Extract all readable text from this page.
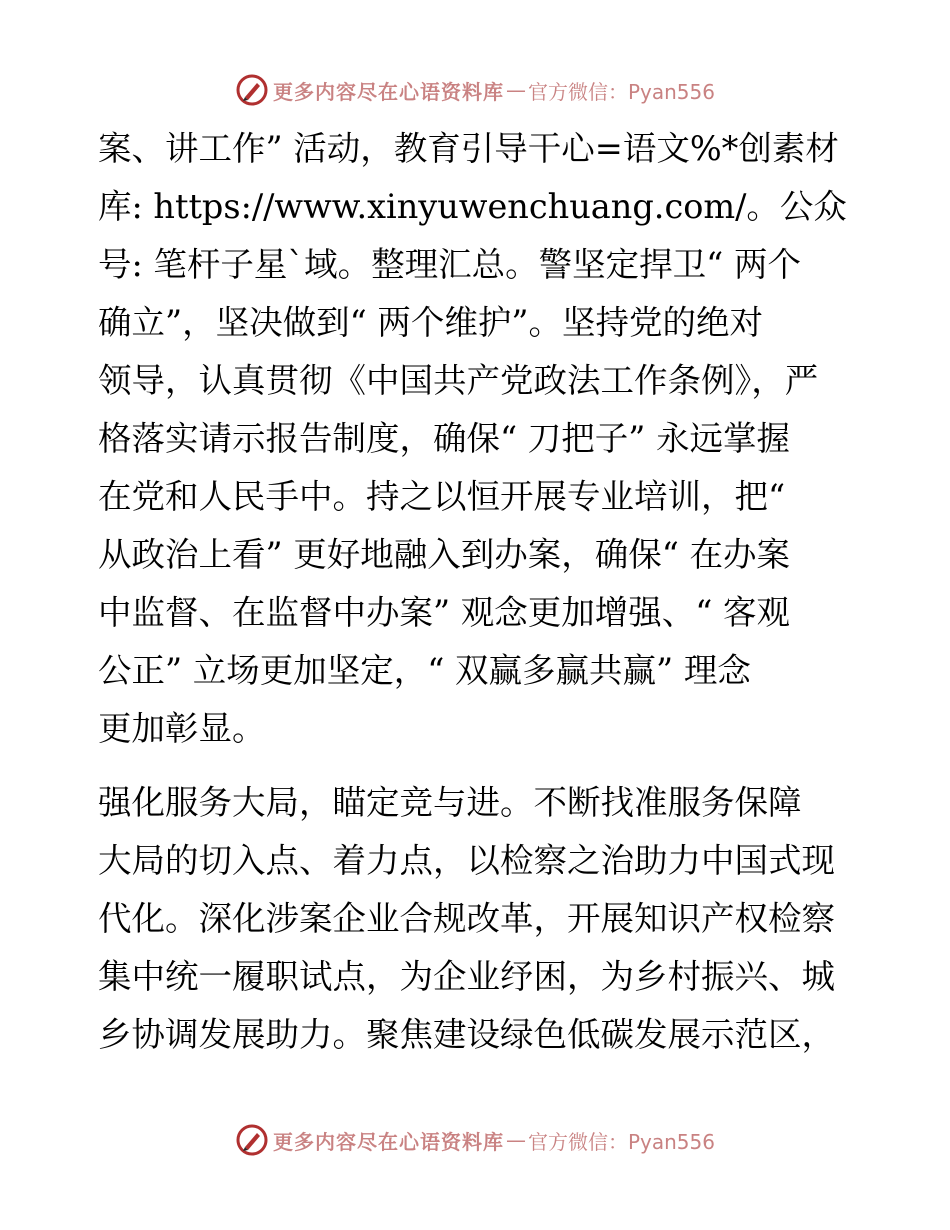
更多内容尽在心语资料库 — 官方微信：Pyan556
案、讲工作” 活动，教育引导干心=语文%*创素材
库: https://www.xinyuwenchuang.com/。公众
号: 笔杆子星`域。整理汇总。警坚定捍卫“ 两个
确立”，坚决做到“ 两个维护”。坚持党的绝对
领导，认真贯彻《中国共产党政法工作条例》，严
格落实请示报告制度，确保“ 刀把子” 永远掌握
在党和人民手中。持之以恒开展专业培训，把“
从政治上看” 更好地融入到办案，确保“ 在办案
中监督、在监督中办案” 观念更加增强、“ 客观
公正” 立场更加坚定，“ 双赢多赢共赢” 理念
更加彰显。
强化服务大局，瞄定竞与进。不断找准服务保障
大局的切入点、着力点，以检察之治助力中国式现
代化。深化涉案企业合规改革，开展知识产权检察
集中统一履职试点，为企业纾困，为乡村振兴、城
乡协调发展助力。聚焦建设绿色低碳发展示范区，
更多内容尽在心语资料库 — 官方微信：Pyan556
